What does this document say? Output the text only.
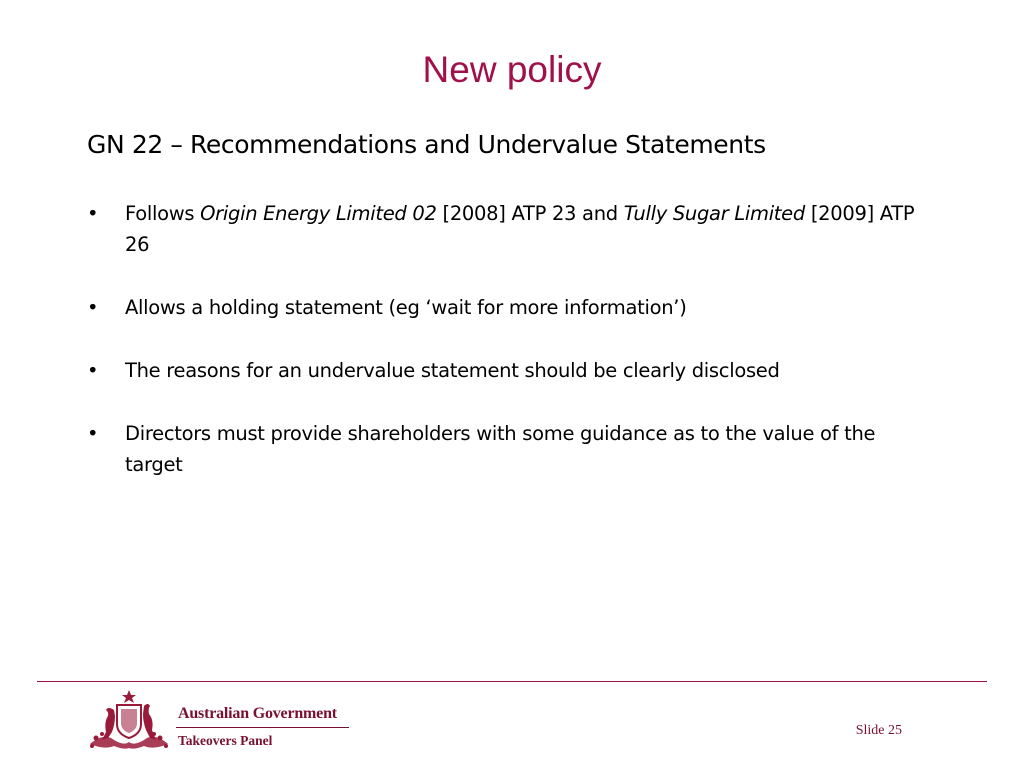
New policy
GN 22 – Recommendations and Undervalue Statements
• Follows Origin Energy Limited 02 [2008] ATP 23 and Tully Sugar Limited [2009] ATP 26
• Allows a holding statement (eg ‘wait for more information’)
• The reasons for an undervalue statement should be clearly disclosed
• Directors must provide shareholders with some guidance as to the value of the target
Australian Government
Takeovers Panel
Slide 25
